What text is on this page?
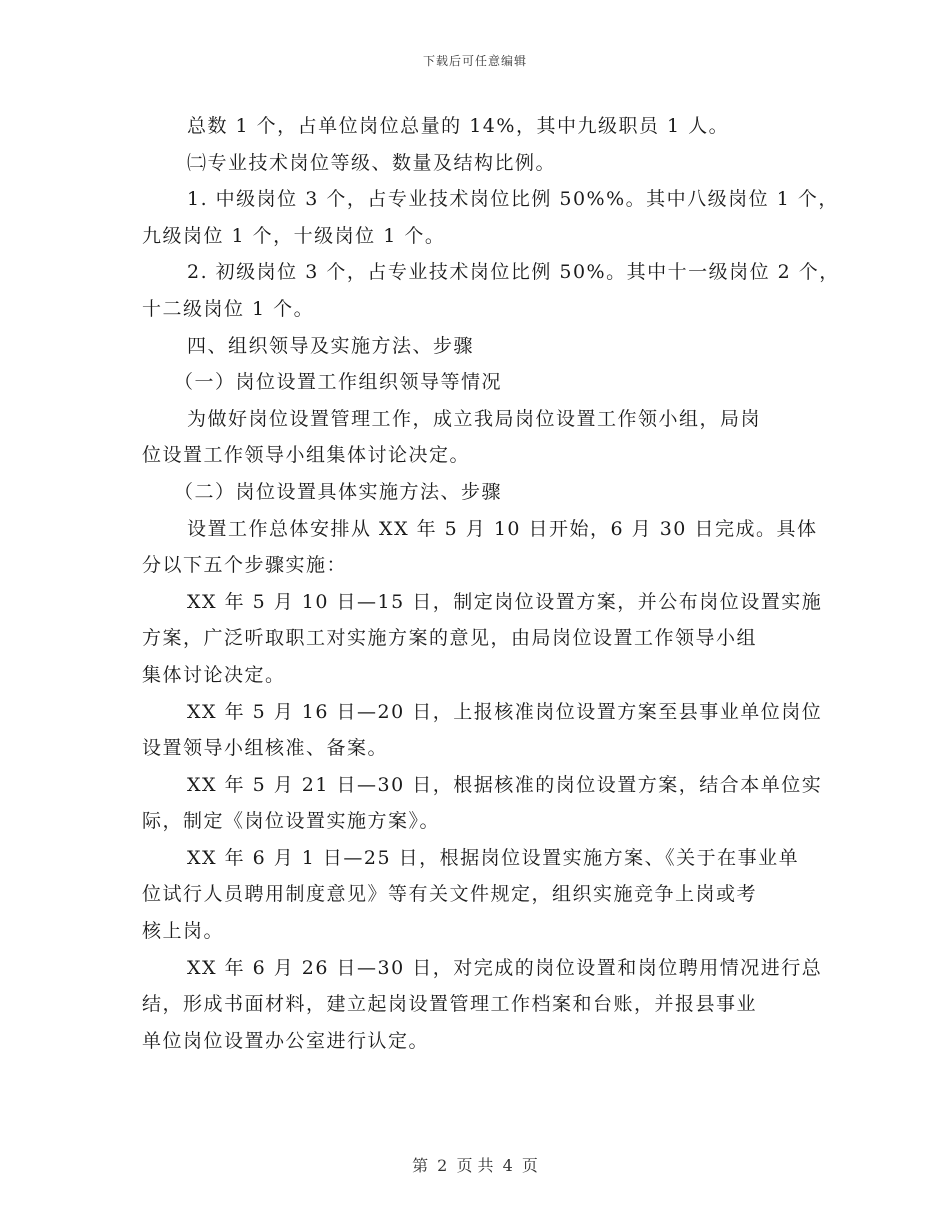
下载后可任意编辑
总数 1 个，占单位岗位总量的 14%，其中九级职员 1 人。
㈡专业技术岗位等级、数量及结构比例。
1. 中级岗位 3 个，占专业技术岗位比例 50%%。其中八级岗位 1 个，
九级岗位 1 个，十级岗位 1 个。
2. 初级岗位 3 个，占专业技术岗位比例 50%。其中十一级岗位 2 个，
十二级岗位 1 个。
四、组织领导及实施方法、步骤
（一）岗位设置工作组织领导等情况
为做好岗位设置管理工作，成立我局岗位设置工作领小组，局岗
位设置工作领导小组集体讨论决定。
（二）岗位设置具体实施方法、步骤
设置工作总体安排从 XX 年 5 月 10 日开始，6 月 30 日完成。具体
分以下五个步骤实施：
XX 年 5 月 10 日—15 日，制定岗位设置方案，并公布岗位设置实施
方案，广泛听取职工对实施方案的意见，由局岗位设置工作领导小组
集体讨论决定。
XX 年 5 月 16 日—20 日，上报核准岗位设置方案至县事业单位岗位
设置领导小组核准、备案。
XX 年 5 月 21 日—30 日，根据核准的岗位设置方案，结合本单位实
际，制定《岗位设置实施方案》。
XX 年 6 月 1 日—25 日，根据岗位设置实施方案、《关于在事业单
位试行人员聘用制度意见》等有关文件规定，组织实施竞争上岗或考
核上岗。
XX 年 6 月 26 日—30 日，对完成的岗位设置和岗位聘用情况进行总
结，形成书面材料，建立起岗设置管理工作档案和台账，并报县事业
单位岗位设置办公室进行认定。
第 2 页 共 4 页
